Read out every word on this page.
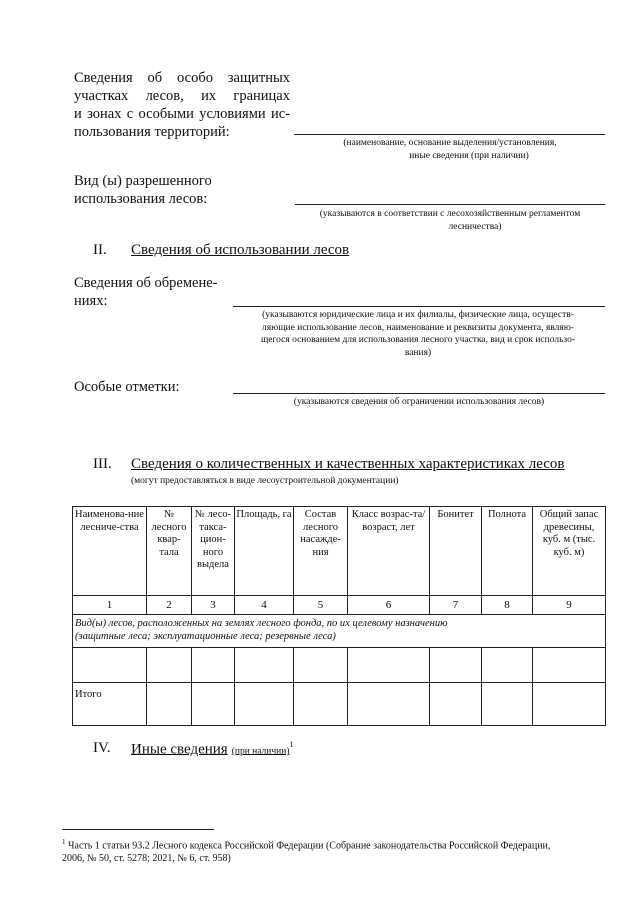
Сведения об особо защитных
участках лесов, их границах
и зонах с особыми условиями ис-
пользования территорий:
(наименование, основание выделения/установления,
иные сведения (при наличии)
Вид (ы) разрешенного
использования лесов:
(указываются в соответствии с лесохозяйственным регламентом
лесничества)
II. Сведения об использовании лесов
Сведения об обремене-
ниях:
(указываются юридические лица и их филиалы, физические лица, осуществ-
ляющие использование лесов, наименование и реквизиты документа, являю-
щегося основанием для использования лесного участка, вид и срок использо-
вания)
Особые отметки:
(указываются сведения об ограничении использования лесов)
III. Сведения о количественных и качественных характеристиках лесов
(могут предоставляться в виде лесоустроительной документации)
Наименова-ние лесниче-ства	№ лесного квар-тала	№ лесо-такса-цион-ного выдела	Площадь, га	Состав лесного насажде-ния	Класс возрас-та/ возраст, лет	Бонитет	Полнота	Общий запас древесины, куб. м (тыс. куб. м)
1	2	3	4	5	6	7	8	9

Вид(ы) лесов, расположенных на землях лесного фонда, по их целевому назначению
(защитные леса; эксплуатационные леса; резервные леса)								

Итого								
IV. Иные сведения (при наличии)$^1$
$^1$ Часть 1 статьи 93.2 Лесного кодекса Российской Федерации (Собрание законодательства Российской Федерации,
2006, № 50, ст. 5278; 2021, № 6, ст. 958)
